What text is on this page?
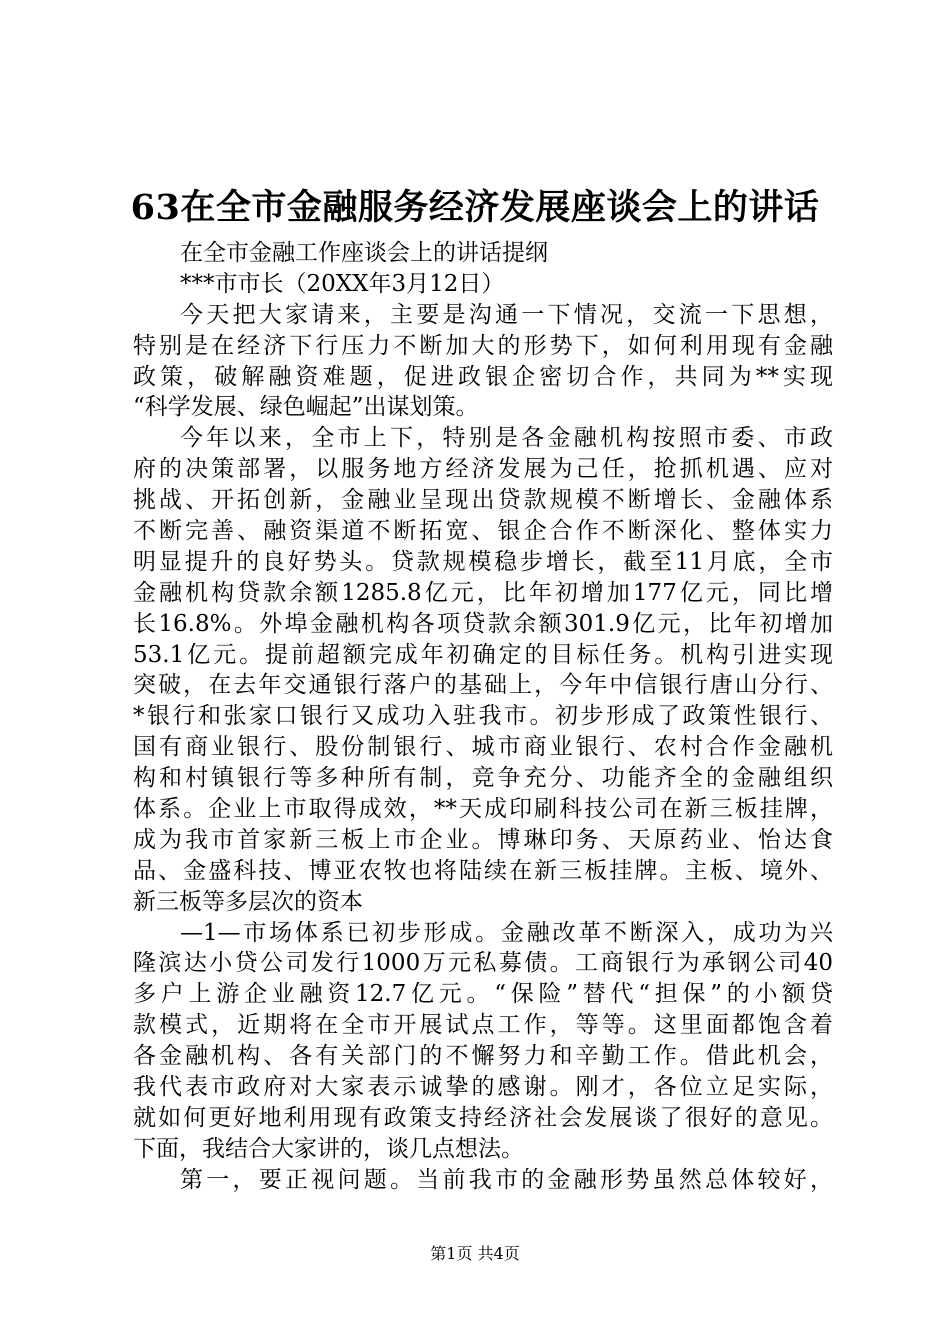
63在全市金融服务经济发展座谈会上的讲话
在全市金融工作座谈会上的讲话提纲
***市市长（20XX年3月12日）
今天把大家请来，主要是沟通一下情况，交流一下思想，
特别是在经济下行压力不断加大的形势下，如何利用现有金融
政策，破解融资难题，促进政银企密切合作，共同为**实现
“科学发展、绿色崛起”出谋划策。
今年以来，全市上下，特别是各金融机构按照市委、市政
府的决策部署，以服务地方经济发展为己任，抢抓机遇、应对
挑战、开拓创新，金融业呈现出贷款规模不断增长、金融体系
不断完善、融资渠道不断拓宽、银企合作不断深化、整体实力
明显提升的良好势头。贷款规模稳步增长，截至11月底，全市
金融机构贷款余额1285.8亿元，比年初增加177亿元，同比增
长16.8%。外埠金融机构各项贷款余额301.9亿元，比年初增加
53.1亿元。提前超额完成年初确定的目标任务。机构引进实现
突破，在去年交通银行落户的基础上，今年中信银行唐山分行、
*银行和张家口银行又成功入驻我市。初步形成了政策性银行、
国有商业银行、股份制银行、城市商业银行、农村合作金融机
构和村镇银行等多种所有制，竞争充分、功能齐全的金融组织
体系。企业上市取得成效，**天成印刷科技公司在新三板挂牌，
成为我市首家新三板上市企业。博琳印务、天原药业、怡达食
品、金盛科技、博亚农牧也将陆续在新三板挂牌。主板、境外、
新三板等多层次的资本
—1—市场体系已初步形成。金融改革不断深入，成功为兴
隆滨达小贷公司发行1000万元私募债。工商银行为承钢公司40
多户上游企业融资12.7亿元。“保险”替代“担保”的小额贷
款模式，近期将在全市开展试点工作，等等。这里面都饱含着
各金融机构、各有关部门的不懈努力和辛勤工作。借此机会，
我代表市政府对大家表示诚挚的感谢。刚才，各位立足实际，
就如何更好地利用现有政策支持经济社会发展谈了很好的意见。
下面，我结合大家讲的，谈几点想法。
第一，要正视问题。当前我市的金融形势虽然总体较好，
第1页 共4页
